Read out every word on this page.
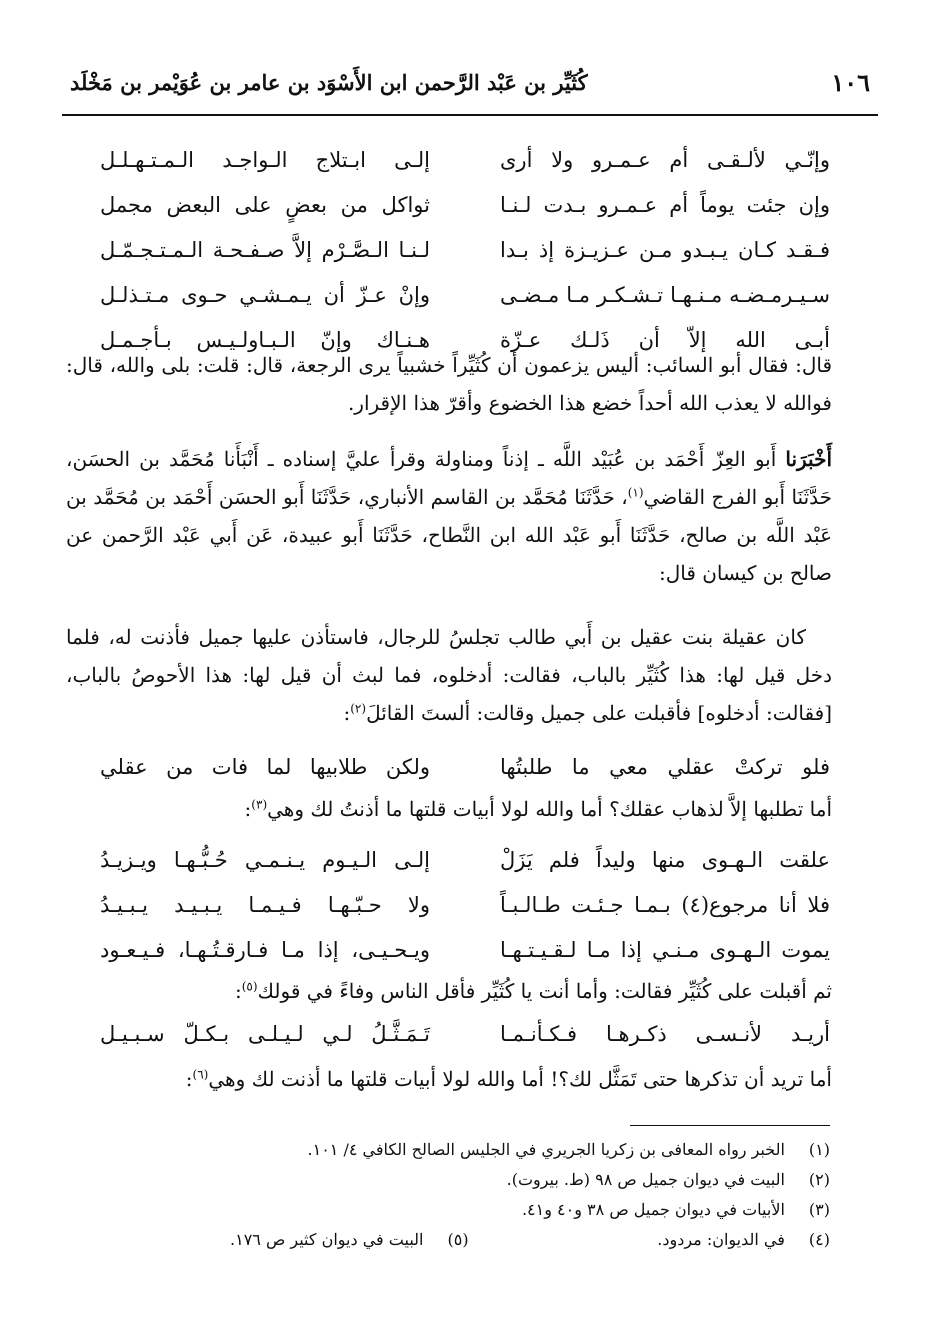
١٠٦
كُثَيِّر بن عَبْد الرَّحمن ابن الأَسْوَد بن عامر بن عُوَيْمر بن مَخْلَد
وإنّـي لألـقـى أم عـمـرو ولا أرى
إلـى ابـتلاج الـواجـد الـمـتـهـلـل
وإن جئت يوماً أم عـمـرو بـدت لـنـا
ثواكل من بعضٍ على البعض مجمل
فـقـد كـان يـبـدو مـن عـزيـزة إذ بـدا
لـنـا الـصَّـرْم إلاَّ صـفـحـة الـمـتـجـمّـل
سـيـرمـضـه مـنـهـا تـشـكـر مـا مـضـى
وإنْ عـزّ أن يـمـشـي حـوى مـتـذلـل
أبـى الله إلاّ أن ذَلـك عـزّة
هـنـاك وإنّ الـبـاولـيـس بـأجـمـل

قال: فقال أبو السائب: أليس يزعمون أن كُثَيِّراً خشبياً يرى الرجعة، قال: قلت: بلى والله، قال: فوالله لا يعذب الله أحداً خضع هذا الخضوع وأقرّ هذا الإقرار.

أَخْبَرَنا أَبو العِزّ أَحْمَد بن عُبَيْد اللَّه ـ إذناً ومناولة وقرأ عليَّ إسناده ـ أَنْبَأَنا مُحَمَّد بن الحسَن، حَدَّثَنَا أَبو الفرج القاضي$^{(١)}$، حَدَّثَنَا مُحَمَّد بن القاسم الأنباري، حَدَّثَنَا أَبو الحسَن أَحْمَد بن مُحَمَّد بن عَبْد اللَّه بن صالح، حَدَّثَنَا أَبو عَبْد الله ابن النَّطاح، حَدَّثَنَا أَبو عبيدة، عَن أَبي عَبْد الرَّحمن عن صالح بن كيسان قال:

كان عقيلة بنت عقيل بن أَبي طالب تجلسُ للرجال، فاستأذن عليها جميل فأذنت له، فلما دخل قيل لها: هذا كُثَيِّر بالباب، فقالت: أدخلوه، فما لبث أن قيل لها: هذا الأحوصُ بالباب، [فقالت: أدخلوه] فأقبلت على جميل وقالت: ألستَ القائلَ$^{(٢)}$:

فلو تركتْ عقلي معي ما طلبتُها
ولكن طلابيها لما فات من عقلي

أما تطلبها إلاَّ لذهاب عقلك؟ أما والله لولا أبيات قلتها ما أذنتُ لك وهي$^{(٣)}$:

علقت الـهـوى منها وليداً فلم يَزَلْ
إلـى الـيـوم يـنـمـي حُـبُّـهـا ويـزيـدُ
فلا أنا مرجوع(٤) بـمـا جـئـت طـالـبـاً
ولا حـبّـهـا فـيـمـا يـبـيـد يـبـيـدُ
يموت الـهـوى مـنـي إذا مـا لـقـيـتـهـا
ويـحـيـى، إذا مـا فـارقـتُـهـا، فـيـعـود

ثم أقبلت على كُثَيِّر فقالت: وأما أنت يا كُثَيِّر فأقل الناس وفاءً في قولك$^{(٥)}$:

أريـد لأنـسـى ذكـرهـا فـكـأنـمـا
تَـمَـثَّـلُ لـي لـيـلـى بـكـلّ سـبـيـل

أما تريد أن تذكرها حتى تَمَثَّل لك؟! أما والله لولا أبيات قلتها ما أذنت لك وهي$^{(٦)}$:

(١) الخبر رواه المعافى بن زكريا الجريري في الجليس الصالح الكافي ٤/ ١٠١.
(٢) البيت في ديوان جميل ص ٩٨ (ط. بيروت).
(٣) الأبيات في ديوان جميل ص ٣٨ و٤٠ و٤١.
(٤) في الديوان: مردود.
(٥) البيت في ديوان كثير ص ١٧٦.
